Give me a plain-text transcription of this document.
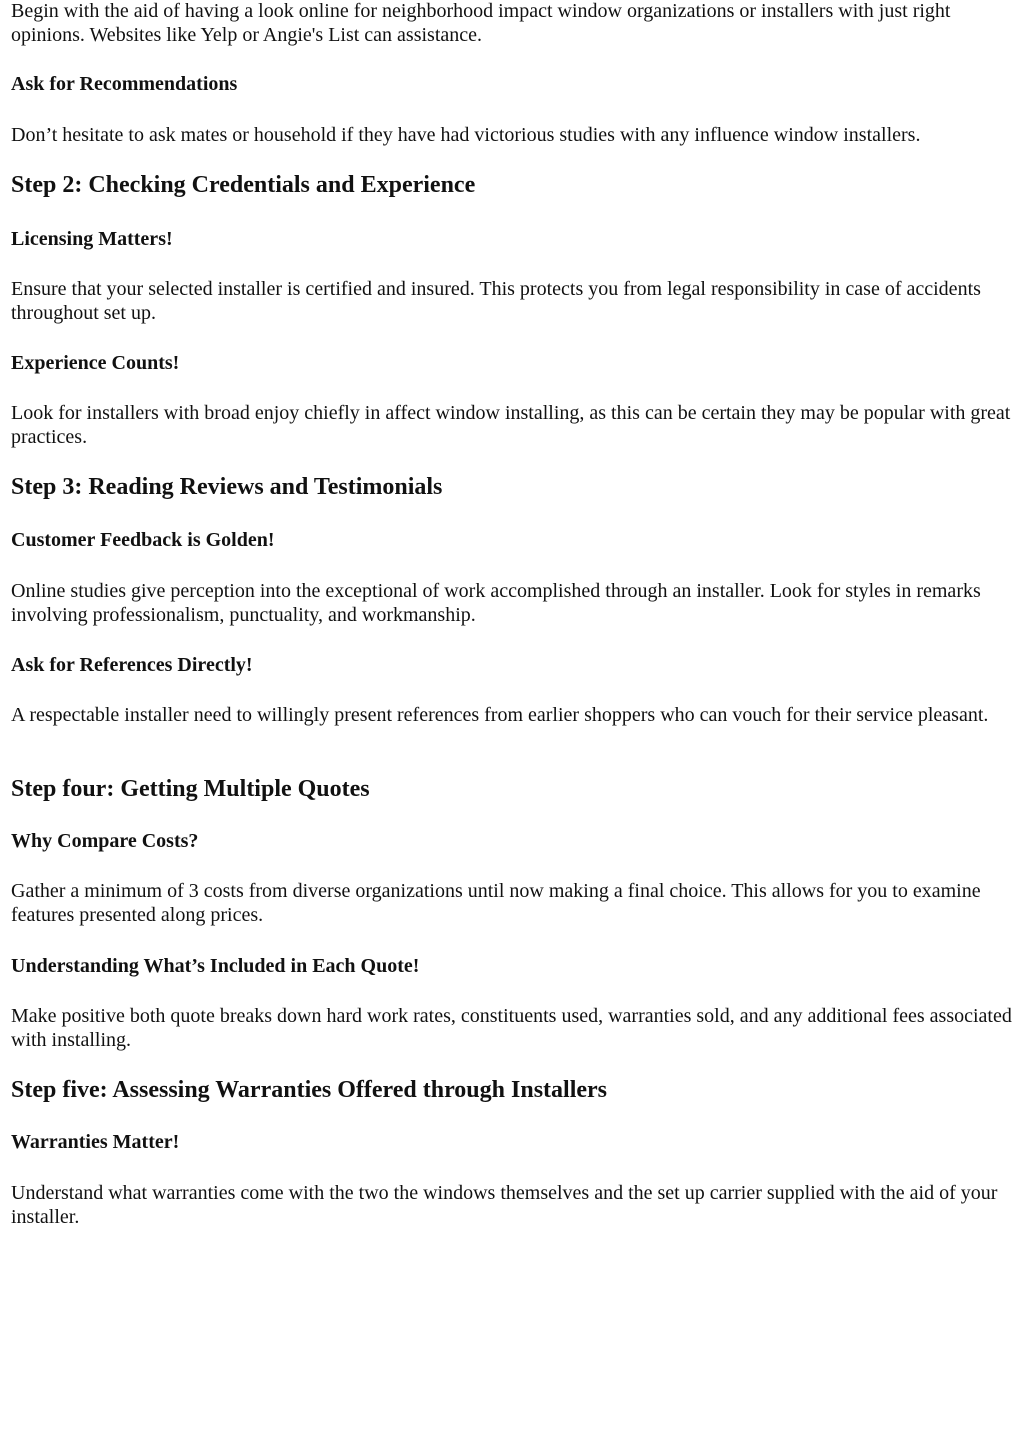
Begin with the aid of having a look online for neighborhood impact window organizations or installers with just right opinions. Websites like Yelp or Angie's List can assistance.

Ask for Recommendations

Don’t hesitate to ask mates or household if they have had victorious studies with any influence window installers.

Step 2: Checking Credentials and Experience
Licensing Matters!

Ensure that your selected installer is certified and insured. This protects you from legal responsibility in case of accidents throughout set up.

Experience Counts!

Look for installers with broad enjoy chiefly in affect window installing, as this can be certain they may be popular with great practices.

Step 3: Reading Reviews and Testimonials
Customer Feedback is Golden!

Online studies give perception into the exceptional of work accomplished through an installer. Look for styles in remarks involving professionalism, punctuality, and workmanship.

Ask for References Directly!

A respectable installer need to willingly present references from earlier shoppers who can vouch for their service pleasant.

Step four: Getting Multiple Quotes
Why Compare Costs?

Gather a minimum of 3 costs from diverse organizations until now making a final choice. This allows for you to examine features presented along prices.

Understanding What’s Included in Each Quote!

Make positive both quote breaks down hard work rates, constituents used, warranties sold, and any additional fees associated with installing.

Step five: Assessing Warranties Offered through Installers
Warranties Matter!

Understand what warranties come with the two the windows themselves and the set up carrier supplied with the aid of your installer.
